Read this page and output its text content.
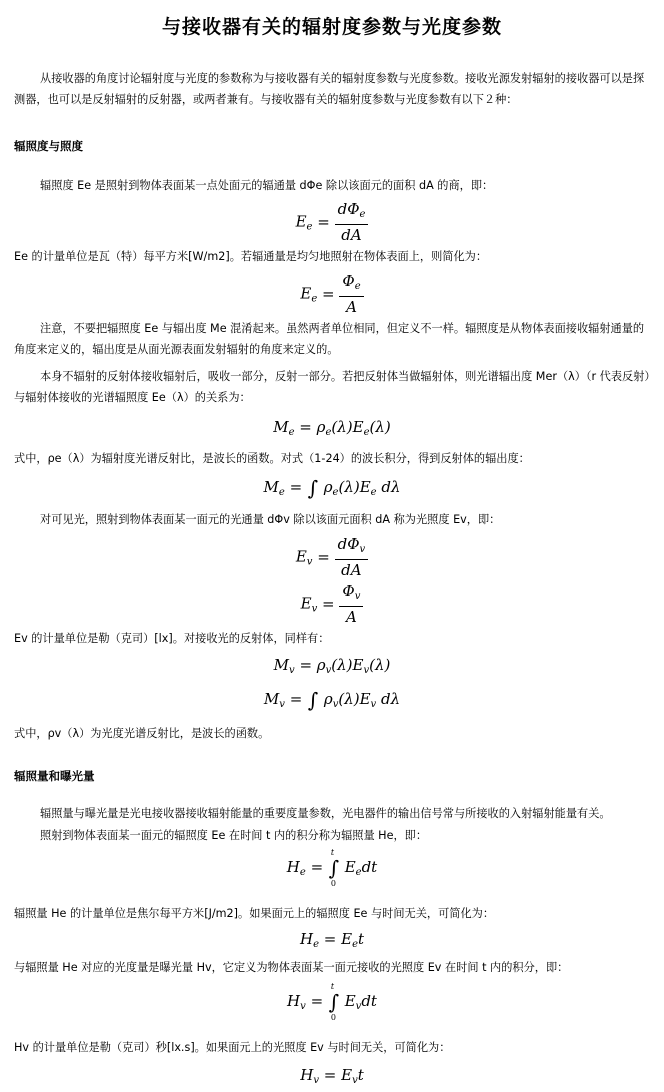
与接收器有关的辐射度参数与光度参数
从接收器的角度讨论辐射度与光度的参数称为与接收器有关的辐射度参数与光度参数。接收光源发射辐射的接收器可以是探测器，也可以是反射辐射的反射器，或两者兼有。与接收器有关的辐射度参数与光度参数有以下２种：
辐照度与照度
辐照度 Ee 是照射到物体表面某一点处面元的辐通量 dΦe 除以该面元的面积 dA 的商，即：
$E_e = \frac{d\Phi_e}{dA}$
Ee 的计量单位是瓦（特）每平方米[W/m2]。若辐通量是均匀地照射在物体表面上，则简化为：
$E_e = \frac{\Phi_e}{A}$
注意，不要把辐照度 Ee 与辐出度 Me 混淆起来。虽然两者单位相同，但定义不一样。辐照度是从物体表面接收辐射通量的角度来定义的，辐出度是从面光源表面发射辐射的角度来定义的。
本身不辐射的反射体接收辐射后，吸收一部分，反射一部分。若把反射体当做辐射体，则光谱辐出度 Mer（λ）（r 代表反射）与辐射体接收的光谱辐照度 Ee（λ）的关系为：
$M_e = \rho_e(\lambda)E_e(\lambda)$
式中，ρe（λ）为辐射度光谱反射比，是波长的函数。对式（1-24）的波长积分，得到反射体的辐出度：
$M_e$ = ∫ $\rho_e(\lambda)E_e$ dλ
对可见光，照射到物体表面某一面元的光通量 dΦv 除以该面元面积 dA 称为光照度 Ev，即：
$E_v = \frac{d\Phi_v}{dA}$
$E_v = \frac{\Phi_v}{A}$
Ev 的计量单位是勒（克司）[lx]。对接收光的反射体，同样有：
$M_v = \rho_v(\lambda)E_v(\lambda)$
$M_v$ = ∫ $\rho_v(\lambda)E_v$ dλ
式中，ρv（λ）为光度光谱反射比，是波长的函数。
辐照量和曝光量
辐照量与曝光量是光电接收器接收辐射能量的重要度量参数，光电器件的输出信号常与所接收的入射辐射能量有关。
照射到物体表面某一面元的辐照度 Ee 在时间 t 内的积分称为辐照量 He，即：
$H_e$ = ∫
t
0
$E_edt$
辐照量 He 的计量单位是焦尔每平方米[J/m2]。如果面元上的辐照度 Ee 与时间无关，可简化为：
$H_e = E_et$
与辐照量 He 对应的光度量是曝光量 Hv，它定义为物体表面某一面元接收的光照度 Ev 在时间 t 内的积分，即：
$H_v$ = ∫
t
0
$E_vdt$
Hv 的计量单位是勒（克司）秒[lx.s]。如果面元上的光照度 Ev 与时间无关，可简化为：
$H_v = E_vt$
